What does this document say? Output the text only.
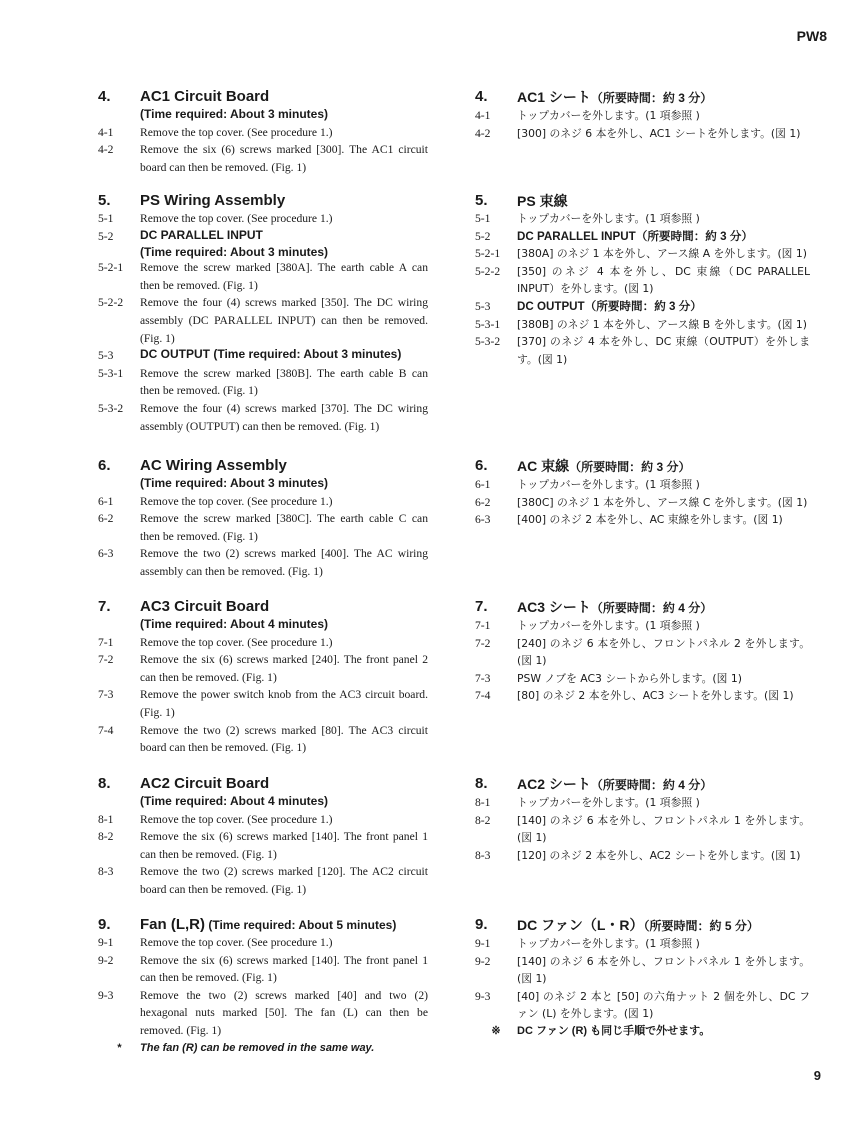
PW8
4.	AC1 Circuit Board
(Time required: About 3 minutes)
4-1	Remove the top cover. (See procedure 1.)
4-2	Remove the six (6) screws marked [300]. The AC1 circuit board can then be removed. (Fig. 1)
5.	PS Wiring Assembly
5-1	Remove the top cover. (See procedure 1.)
5-2	DC PARALLEL INPUT
(Time required: About 3 minutes)
5-2-1	Remove the screw marked [380A]. The earth cable A can then be removed. (Fig. 1)
5-2-2	Remove the four (4) screws marked [350]. The DC wiring assembly (DC PARALLEL INPUT) can then be removed. (Fig. 1)
5-3	DC OUTPUT (Time required: About 3 minutes)
5-3-1	Remove the screw marked [380B]. The earth cable B can then be removed. (Fig. 1)
5-3-2	Remove the four (4) screws marked [370]. The DC wiring assembly (OUTPUT) can then be removed. (Fig. 1)
6.	AC Wiring Assembly
(Time required: About 3 minutes)
6-1	Remove the top cover. (See procedure 1.)
6-2	Remove the screw marked [380C]. The earth cable C can then be removed. (Fig. 1)
6-3	Remove the two (2) screws marked [400]. The AC wiring assembly can then be removed. (Fig. 1)
7.	AC3 Circuit Board
(Time required: About 4 minutes)
7-1	Remove the top cover. (See procedure 1.)
7-2	Remove the six (6) screws marked [240]. The front panel 2 can then be removed. (Fig. 1)
7-3	Remove the power switch knob from the AC3 circuit board. (Fig. 1)
7-4	Remove the two (2) screws marked [80]. The AC3 circuit board can then be removed. (Fig. 1)
8.	AC2 Circuit Board
(Time required: About 4 minutes)
8-1	Remove the top cover. (See procedure 1.)
8-2	Remove the six (6) screws marked [140]. The front panel 1 can then be removed. (Fig. 1)
8-3	Remove the two (2) screws marked [120]. The AC2 circuit board can then be removed. (Fig. 1)
9.	Fan (L,R) (Time required: About 5 minutes)
9-1	Remove the top cover. (See procedure 1.)
9-2	Remove the six (6) screws marked [140]. The front panel 1 can then be removed. (Fig. 1)
9-3	Remove the two (2) screws marked [40] and two (2) hexagonal nuts marked [50]. The fan (L) can then be removed. (Fig. 1)
*	The fan (R) can be removed in the same way.
4.	AC1 シート（所要時間：約 3 分）
4-1	トップカバーを外します。(1 項参照 )
4-2	[300] のネジ 6 本を外し、AC1 シートを外します。(図 1)
5.	PS 束線
5-1	トップカバーを外します。(1 項参照 )
5-2	DC PARALLEL INPUT（所要時間：約 3 分）
5-2-1	[380A] のネジ 1 本を外し、アース線 A を外します。(図 1)
5-2-2	[350] のネジ 4 本を外し、DC 束線（DC PARALLEL INPUT）を外します。(図 1)
5-3	DC OUTPUT（所要時間：約 3 分）
5-3-1	[380B] のネジ 1 本を外し、アース線 B を外します。(図 1)
5-3-2	[370] のネジ 4 本を外し、DC 束線（OUTPUT）を外します。(図 1)
6.	AC 束線（所要時間：約 3 分）
6-1	トップカバーを外します。(1 項参照 )
6-2	[380C] のネジ 1 本を外し、アース線 C を外します。(図 1)
6-3	[400] のネジ 2 本を外し、AC 束線を外します。(図 1)
7.	AC3 シート（所要時間：約 4 分）
7-1	トップカバーを外します。(1 項参照 )
7-2	[240] のネジ 6 本を外し、フロントパネル 2 を外します。(図 1)
7-3	PSW ノブを AC3 シートから外します。(図 1)
7-4	[80] のネジ 2 本を外し、AC3 シートを外します。(図 1)
8.	AC2 シート（所要時間：約 4 分）
8-1	トップカバーを外します。(1 項参照 )
8-2	[140] のネジ 6 本を外し、フロントパネル 1 を外します。(図 1)
8-3	[120] のネジ 2 本を外し、AC2 シートを外します。(図 1)
9.	DC ファン（L・R）（所要時間：約 5 分）
9-1	トップカバーを外します。(1 項参照 )
9-2	[140] のネジ 6 本を外し、フロントパネル 1 を外します。(図 1)
9-3	[40] のネジ 2 本と [50] の六角ナット 2 個を外し、DC ファン (L) を外します。(図 1)
※	DC ファン (R) も同じ手順で外せます。
9
